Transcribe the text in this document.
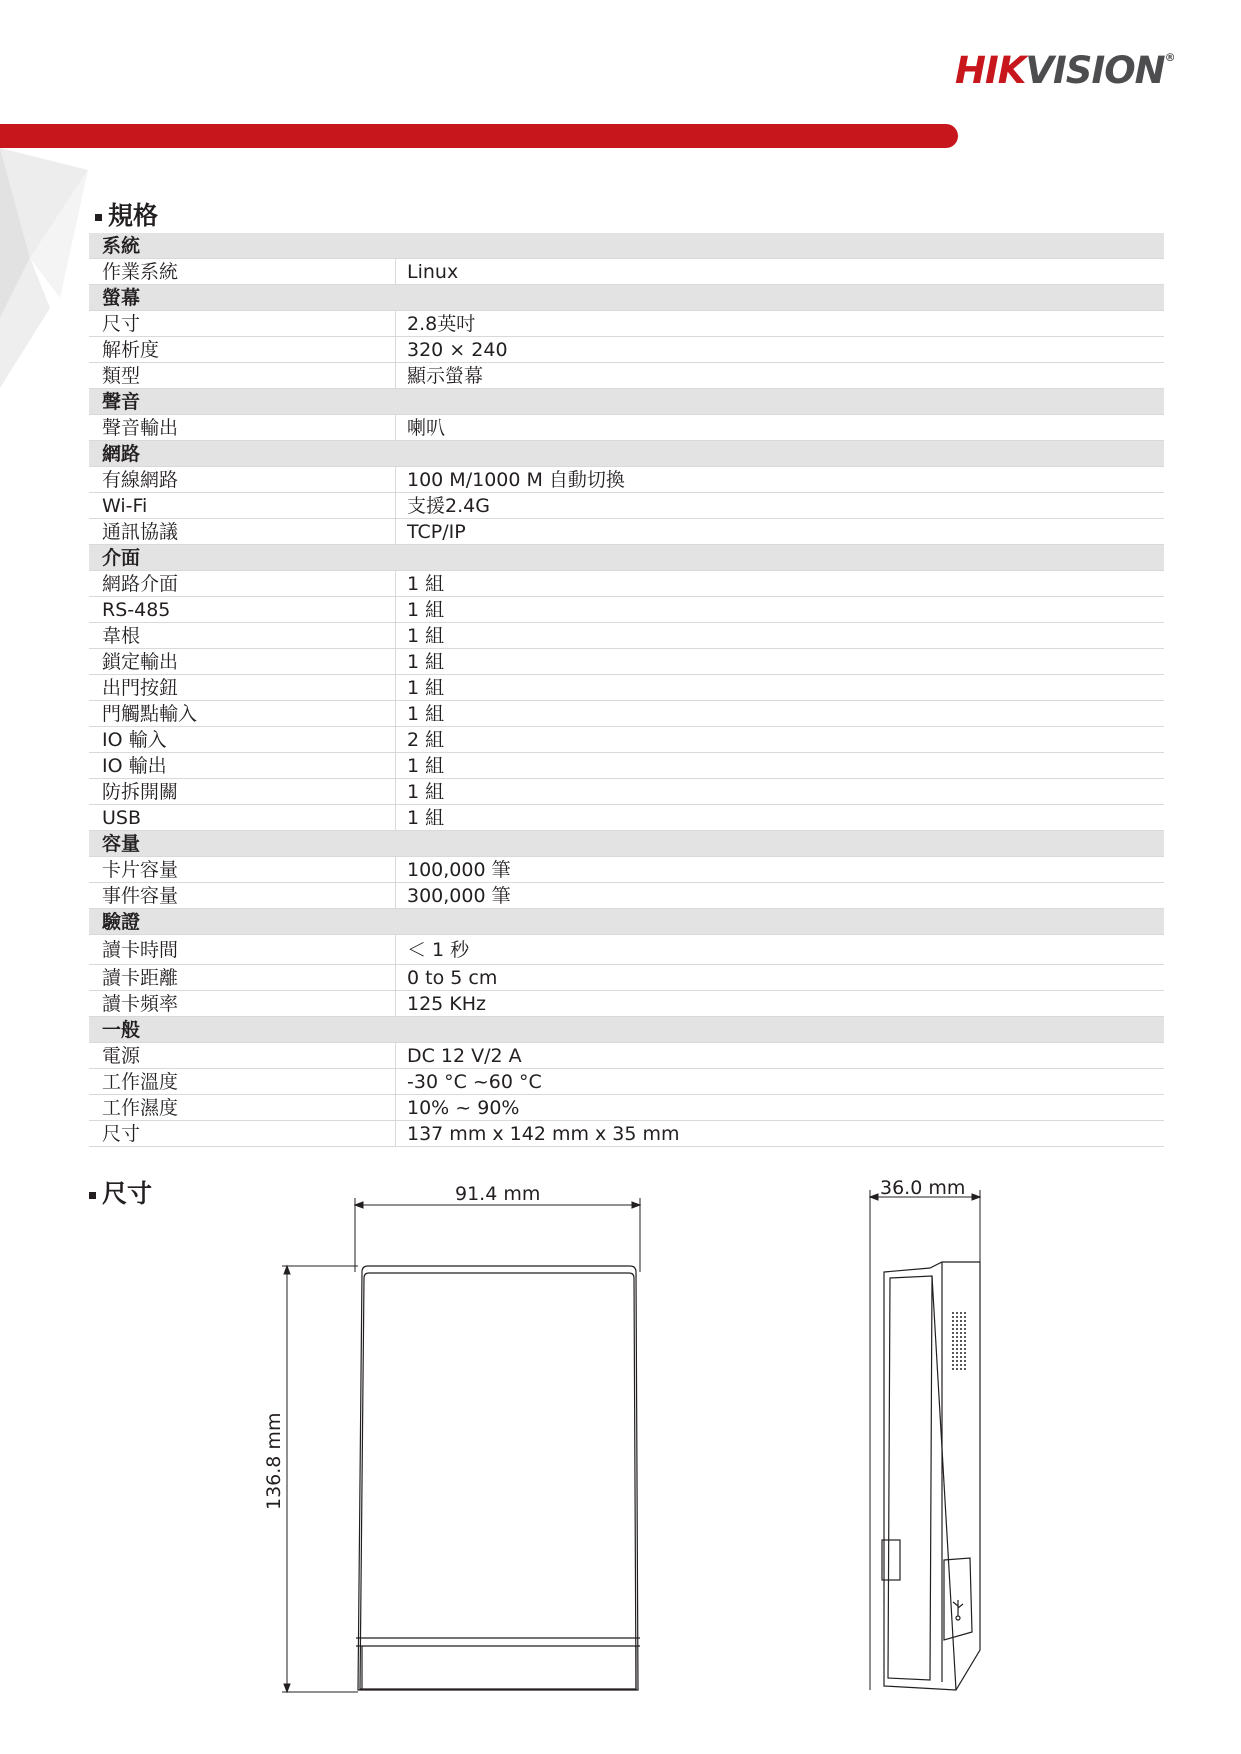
HIKVISION®
規格
系統	
作業系統	Linux
螢幕	
尺寸	2.8英吋
解析度	320 × 240
類型	顯示螢幕
聲音	
聲音輸出	喇叭
網路	
有線網路	100 M/1000 M 自動切換
Wi-Fi	支援2.4G
通訊協議	TCP/IP
介面	
網路介面	1 組
RS-485	1 組
韋根	1 組
鎖定輸出	1 組
出門按鈕	1 組
門觸點輸入	1 組
IO 輸入	2 組
IO 輸出	1 組
防拆開關	1 組
USB	1 組
容量	
卡片容量	100,000 筆
事件容量	300,000 筆
驗證	
讀卡時間	＜ 1 秒
讀卡距離	0 to 5 cm
讀卡頻率	125 KHz
一般	
電源	DC 12 V/2 A
工作溫度	-30 °C ~60 °C
工作濕度	10% ~ 90%
尺寸	137 mm x 142 mm x 35 mm
尺寸	91.4 mm
136.8 mm
36.0 mm
